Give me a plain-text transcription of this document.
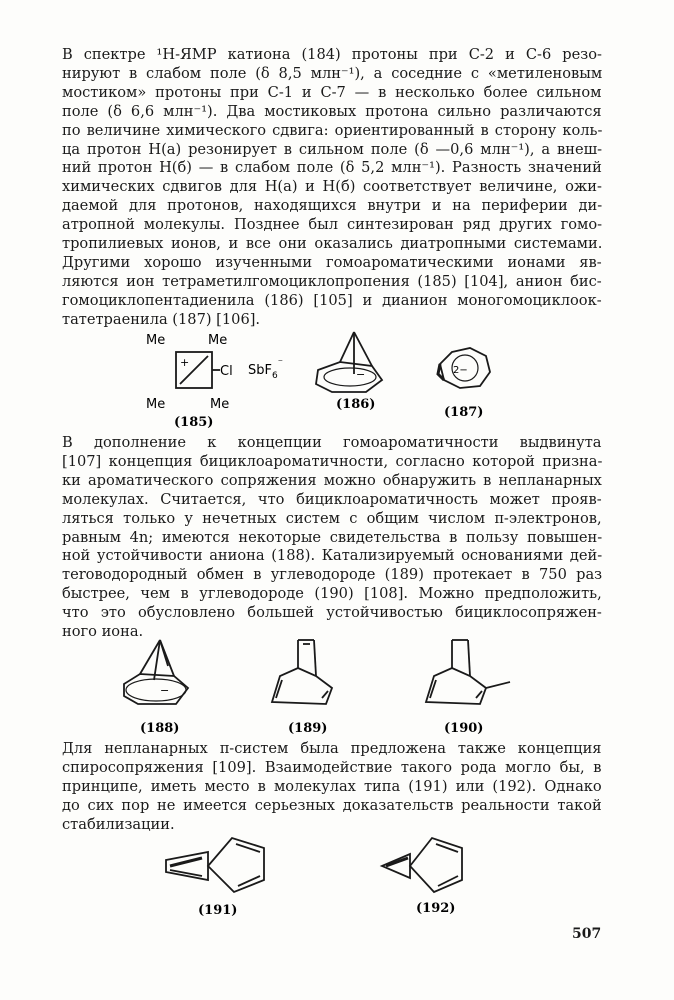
В спектре ¹Н-ЯМР катиона (184) протоны при С-2 и С-6 резо-
нируют в слабом поле (δ 8,5 млн⁻¹), а соседние с «метиленовым
мостиком» протоны при С-1 и С-7 — в несколько более сильном
поле (δ 6,6 млн⁻¹). Два мостиковых протона сильно различаются
по величине химического сдвига: ориентированный в сторону коль-
ца протон Н(а) резонирует в сильном поле (δ —0,6 млн⁻¹), а внеш-
ний протон Н(б) — в слабом поле (δ 5,2 млн⁻¹). Разность значений
химических сдвигов для Н(а) и Н(б) соответствует величине, ожи-
даемой для протонов, находящихся внутри и на периферии ди-
атропной молекулы. Позднее был синтезирован ряд других гомо-
тропилиевых ионов, и все они оказались диатропными системами.
Другими хорошо изученными гомоароматическими ионами яв-
ляются ион тетраметилгомоциклопропения (185) [104], анион бис-
гомоциклопентадиенила (186) [105] и дианион моногомоциклоок-
татетраенила (187) [106].
Me	Me
Me	Me
Cl
+
SbF$_6$⁻
(185)
−
(186)
2−
(187)
В дополнение к концепции гомоароматичности выдвинута
[107] концепция бициклоароматичности, согласно которой призна-
ки ароматического сопряжения можно обнаружить в непланарных
молекулах. Считается, что бициклоароматичность может прояв-
ляться только у нечетных систем с общим числом π-электронов,
равным 4n; имеются некоторые свидетельства в пользу повышен-
ной устойчивости аниона (188). Катализируемый основаниями дей-
теroводородный обмен в углеводороде (189) протекает в 750 раз
быстрее, чем в углеводороде (190) [108]. Можно предположить,
что это обусловлено большей устойчивостью бициклосопряжен-
ного иона.
−
(188)	(189)	(190)
Для непланарных π-систем была предложена также концепция
спиросопряжения [109]. Взаимодействие такого рода могло бы, в
принципе, иметь место в молекулах типа (191) или (192). Однако
до сих пор не имеется серьезных доказательств реальности такой
стабилизации.
(191)	(192)
507
